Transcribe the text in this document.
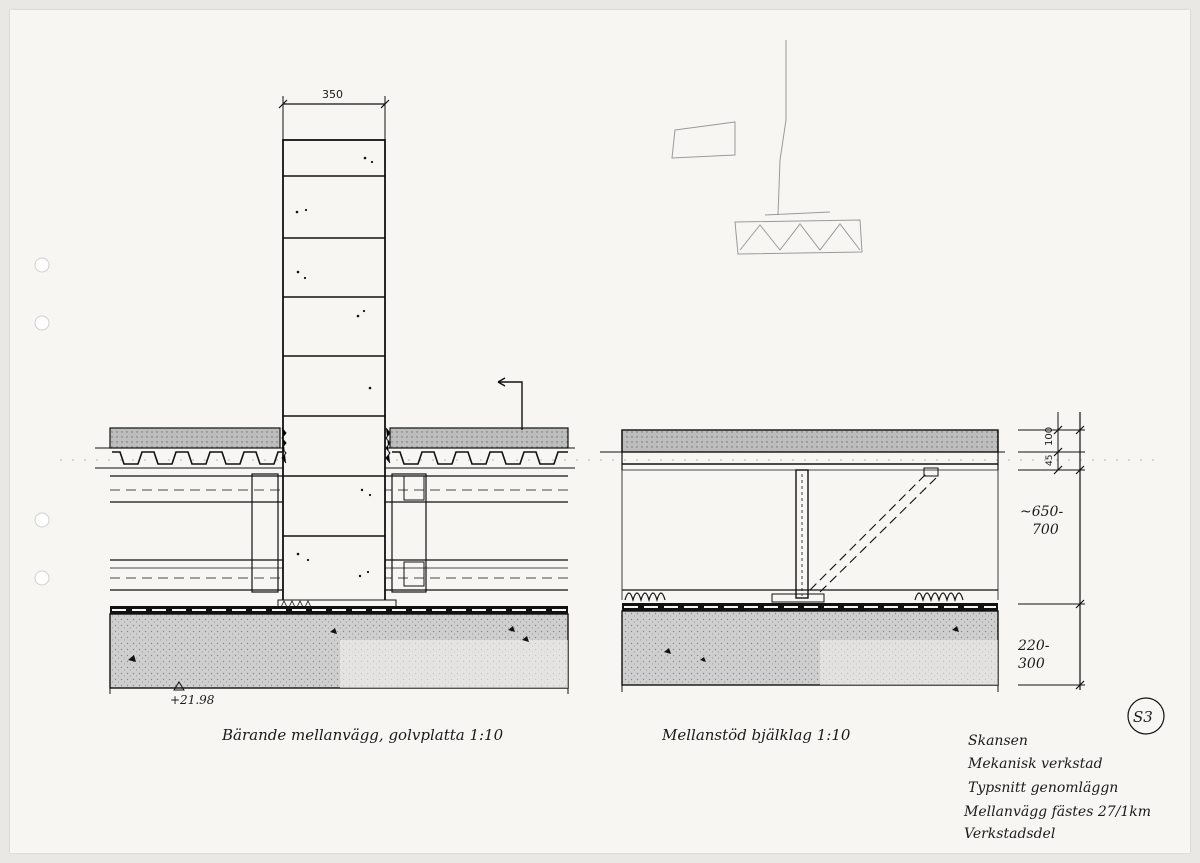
350
100
45
~650-
700
220-
300
+21.98
Bärande mellanvägg, golvplatta 1:10	Mellanstöd bjälklag 1:10
S3
Skansen
Mekanisk verkstad
Typsnitt genomläggn
Mellanvägg fästes 27/1km
Verkstadsdel
